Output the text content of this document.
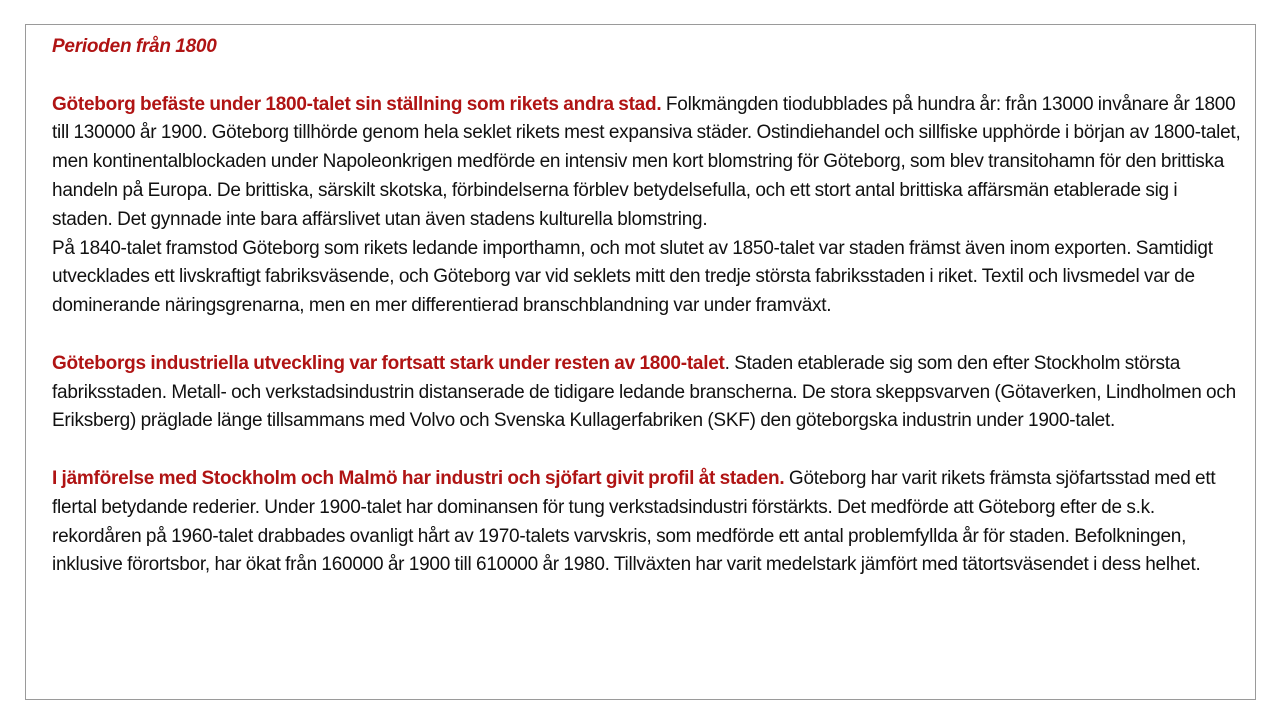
Perioden från 1800

Göteborg befäste under 1800-talet sin ställning som rikets andra stad. Folkmängden tiodubblades på hundra år: från 13000 invånare år 1800 till 130000 år 1900. Göteborg tillhörde genom hela seklet rikets mest expansiva städer. Ostindiehandel och sillfiske upphörde i början av 1800-talet, men kontinentalblockaden under Napoleonkrigen medförde en intensiv men kort blomstring för Göteborg, som blev transitohamn för den brittiska handeln på Europa. De brittiska, särskilt skotska, förbindelserna förblev betydelsefulla, och ett stort antal brittiska affärsmän etablerade sig i staden. Det gynnade inte bara affärslivet utan även stadens kulturella blomstring.

På 1840-talet framstod Göteborg som rikets ledande importhamn, och mot slutet av 1850-talet var staden främst även inom exporten. Samtidigt utvecklades ett livskraftigt fabriksväsende, och Göteborg var vid seklets mitt den tredje största fabriksstaden i riket. Textil och livsmedel var de dominerande näringsgrenarna, men en mer differentierad branschblandning var under framväxt.

Göteborgs industriella utveckling var fortsatt stark under resten av 1800-talet. Staden etablerade sig som den efter Stockholm största fabriksstaden. Metall- och verkstadsindustrin distanserade de tidigare ledande branscherna. De stora skeppsvarven (Götaverken, Lindholmen och Eriksberg) präglade länge tillsammans med Volvo och Svenska Kullagerfabriken (SKF) den göteborgska industrin under 1900-talet.

I jämförelse med Stockholm och Malmö har industri och sjöfart givit profil åt staden. Göteborg har varit rikets främsta sjöfartsstad med ett flertal betydande rederier. Under 1900-talet har dominansen för tung verkstadsindustri förstärkts. Det medförde att Göteborg efter de s.k. rekordåren på 1960-talet drabbades ovanligt hårt av 1970-talets varvskris, som medförde ett antal problemfyllda år för staden. Befolkningen, inklusive förortsbor, har ökat från 160000 år 1900 till 610000 år 1980. Tillväxten har varit medelstark jämfört med tätortsväsendet i dess helhet.
